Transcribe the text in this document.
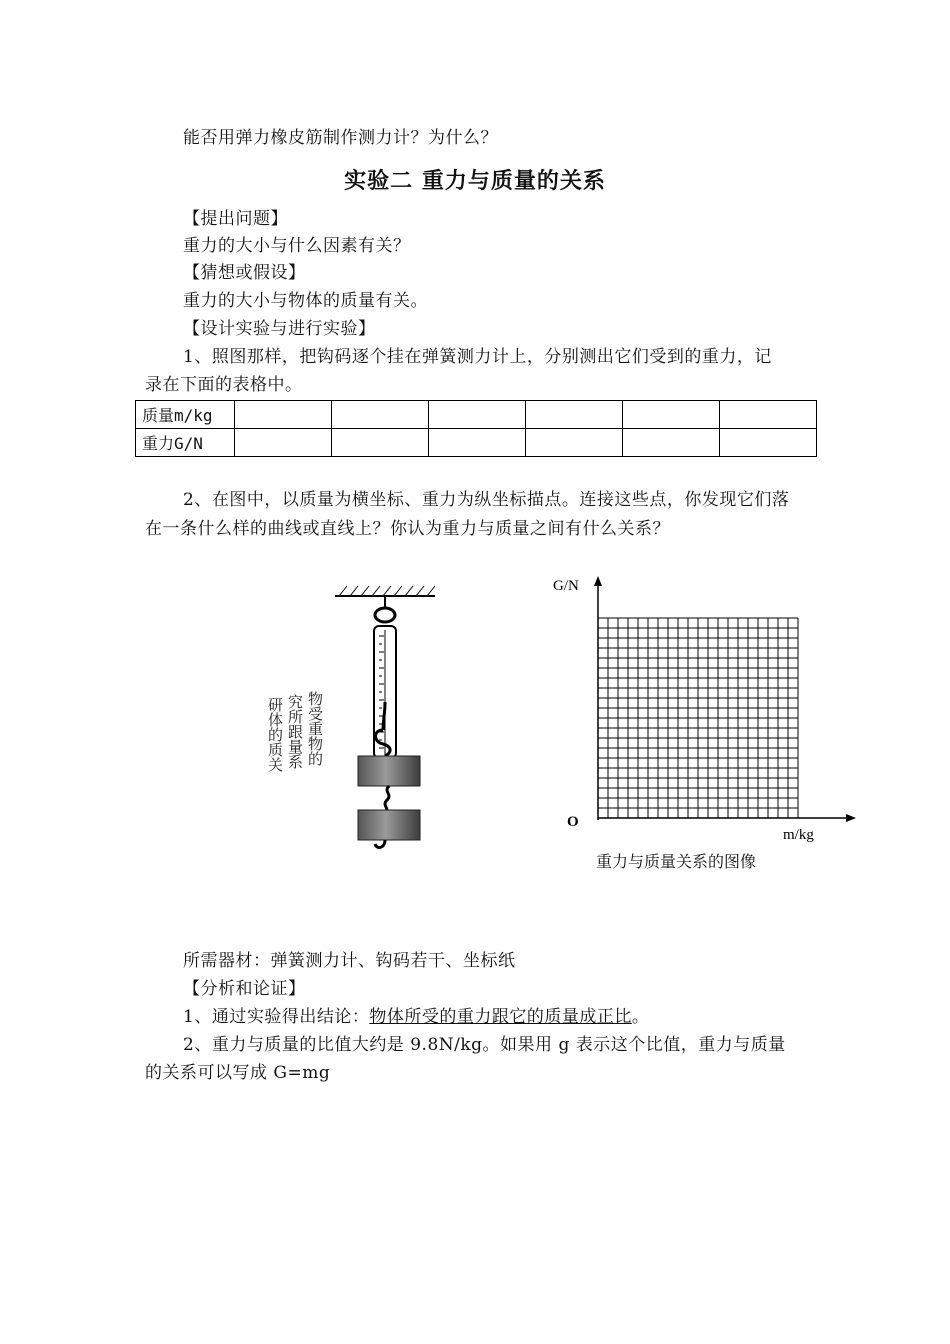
能否用弹力橡皮筋制作测力计？为什么？
实验二 重力与质量的关系
【提出问题】
重力的大小与什么因素有关？
【猜想或假设】
重力的大小与物体的质量有关。
【设计实验与进行实验】
1、照图那样，把钩码逐个挂在弹簧测力计上，分别测出它们受到的重力，记
录在下面的表格中。
质量m/kg						
重力G/N						
2、在图中，以质量为横坐标、重力为纵坐标描点。连接这些点，你发现它们落
在一条什么样的曲线或直线上？你认为重力与质量之间有什么关系？
研体的质关
究所跟量系
物受重物的
G/N
O
m/kg
重力与质量关系的图像
所需器材：弹簧测力计、钩码若干、坐标纸
【分析和论证】
1、通过实验得出结论：物体所受的重力跟它的质量成正比。
2、重力与质量的比值大约是 9.8N/kg。如果用 g 表示这个比值，重力与质量
的关系可以写成 G=mg
